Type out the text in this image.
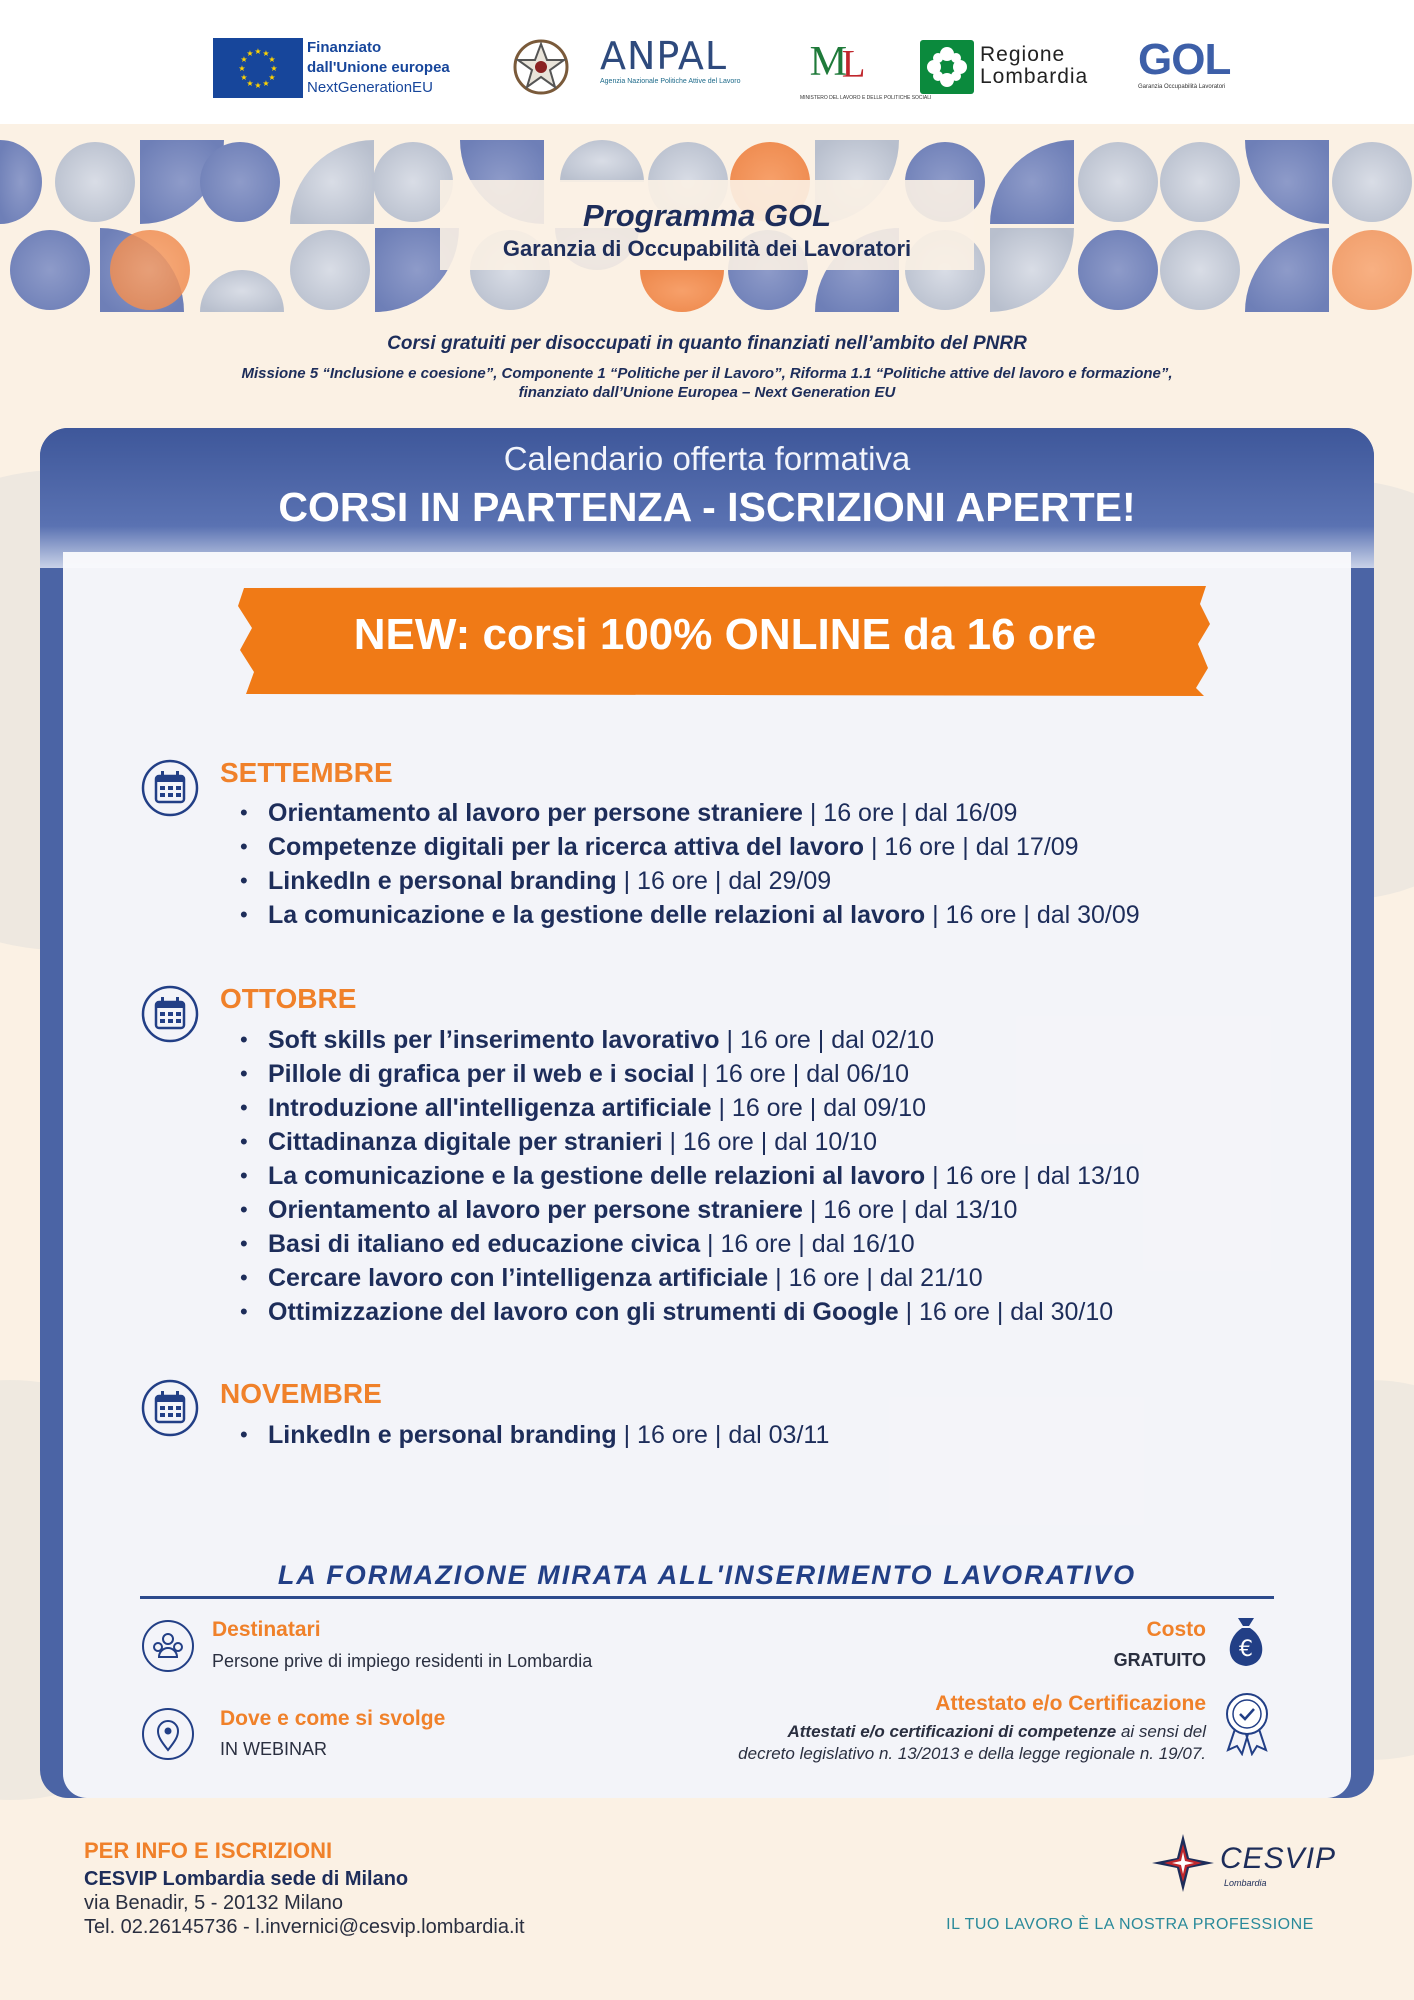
★ ★
★
★
★
★
★
★
★
★
★
★	Finanziato
dall'Unione europea
NextGenerationEU
ANPAL
Agenzia Nazionale Politiche Attive del Lavoro	M
L
MINISTERO DEL LAVORO E DELLE POLITICHE SOCIALI
Regione
Lombardia GOL
Garanzia Occupabilità Lavoratori
Programma GOL
Garanzia di Occupabilità dei Lavoratori
Corsi gratuiti per disoccupati in quanto finanziati nell’ambito del PNRR
Missione 5 “Inclusione e coesione”, Componente 1 “Politiche per il Lavoro”, Riforma 1.1 “Politiche attive del lavoro e formazione”,
finanziato dall’Unione Europea – Next Generation EU
Calendario offerta formativa
CORSI IN PARTENZA - ISCRIZIONI APERTE!
NEW: corsi 100% ONLINE da 16 ore
SETTEMBRE
• Orientamento al lavoro per persone straniere | 16 ore | dal 16/09
• Competenze digitali per la ricerca attiva del lavoro | 16 ore | dal 17/09
• LinkedIn e personal branding | 16 ore | dal 29/09
• La comunicazione e la gestione delle relazioni al lavoro | 16 ore | dal 30/09
OTTOBRE
• Soft skills per l’inserimento lavorativo | 16 ore | dal 02/10
• Pillole di grafica per il web e i social | 16 ore | dal 06/10
• Introduzione all'intelligenza artificiale | 16 ore | dal 09/10
• Cittadinanza digitale per stranieri | 16 ore | dal 10/10
• La comunicazione e la gestione delle relazioni al lavoro | 16 ore | dal 13/10
• Orientamento al lavoro per persone straniere | 16 ore | dal 13/10
• Basi di italiano ed educazione civica | 16 ore | dal 16/10
• Cercare lavoro con l’intelligenza artificiale | 16 ore | dal 21/10
• Ottimizzazione del lavoro con gli strumenti di Google | 16 ore | dal 30/10
NOVEMBRE
• LinkedIn e personal branding | 16 ore | dal 03/11
LA FORMAZIONE MIRATA ALL'INSERIMENTO LAVORATIVO
Destinatari
Persone prive di impiego residenti in Lombardia
Dove e come si svolge
IN WEBINAR
Costo
GRATUITO €
Attestato e/o Certificazione
Attestati e/o certificazioni di competenze ai sensi del
decreto legislativo n. 13/2013 e della legge regionale n. 19/07.
PER INFO E ISCRIZIONI
CESVIP Lombardia sede di Milano
via Benadir, 5 - 20132 Milano
Tel. 02.26145736 - l.invernici@cesvip.lombardia.it
CESVIP
Lombardia
IL TUO LAVORO È LA NOSTRA PROFESSIONE
